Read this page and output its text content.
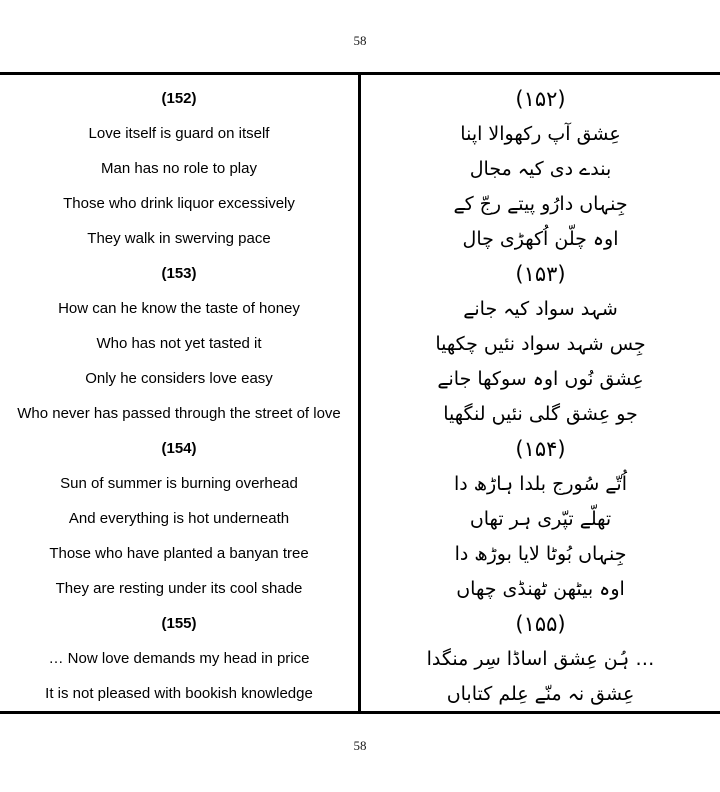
58
(152)
Love itself is guard on itself
Man has no role to play
Those who drink liquor excessively
They walk in swerving pace
(153)
How can he know the taste of honey
Who has not yet tasted it
Only he considers love easy
Who never has passed through the street of love
(154)
Sun of summer is burning overhead
And everything is hot underneath
Those who have planted a banyan tree
They are resting under its cool shade
(155)
… Now love demands my head in price
It is not pleased with bookish knowledge
(۱۵۲)
عِشق آپ رکھوالا اپنا
بندے دی کیہ مجال
جِنہاں دارُو پیتے رجّ کے
اوہ چلّن اُکھڑی چال
(۱۵۳)
شہد سواد کیہ جانے
جِس شہد سواد نئیں چکھیا
عِشق نُوں اوہ سوکھا جانے
جو عِشق گلی نئیں لنگھیا
(۱۵۴)
اُتّے سُورج بلدا ہاڑھ دا
تھلّے تپّری ہر تھاں
جِنہاں بُوٹا لایا بوڑھ دا
اوہ بیٹھن ٹھنڈی چھاں
(۱۵۵)
… ہُن عِشق اساڈا سِر منگدا
عِشق نہ منّے عِلم کتاباں
58
